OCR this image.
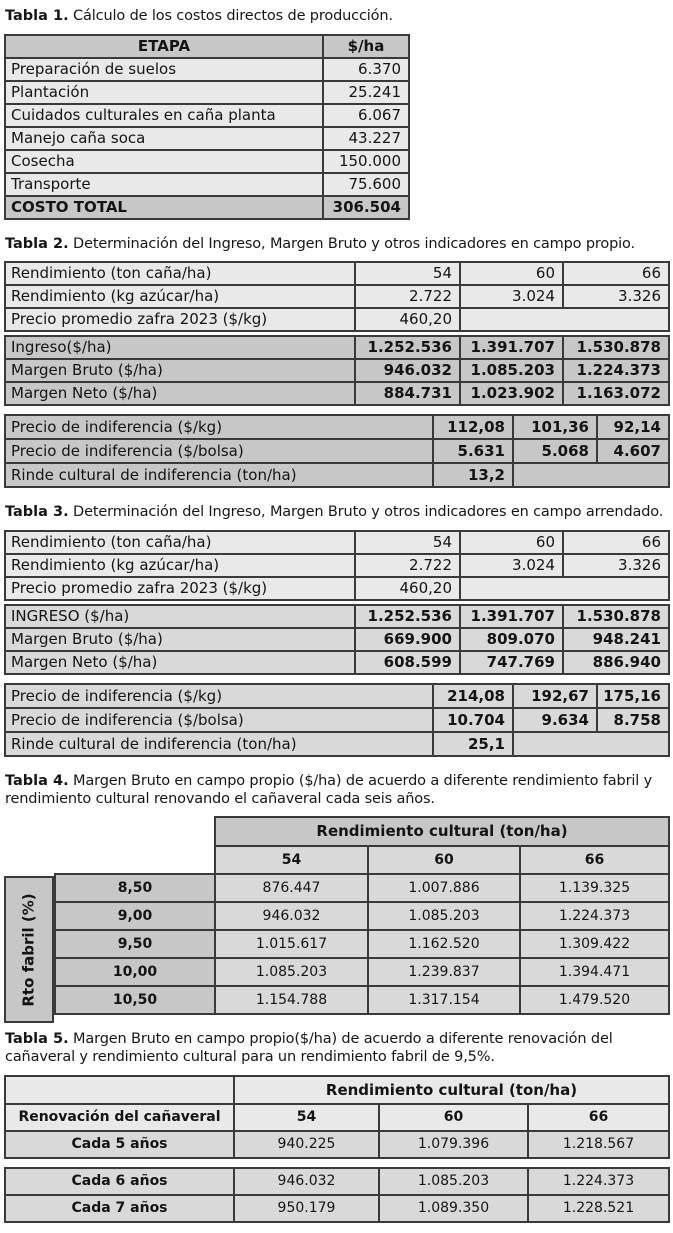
Tabla 1. Cálculo de los costos directos de producción.

ETAPA	$/ha
Preparación de suelos	6.370
Plantación	25.241
Cuidados culturales en caña planta	6.067
Manejo caña soca	43.227
Cosecha	150.000
Transporte	75.600
COSTO TOTAL	306.504

Tabla 2. Determinación del Ingreso, Margen Bruto y otros indicadores en campo propio.

Rendimiento (ton caña/ha)	54	60	66
Rendimiento (kg azúcar/ha)	2.722	3.024	3.326
Precio promedio zafra 2023 ($/kg)	460,20		
Ingreso($/ha)	1.252.536	1.391.707	1.530.878
Margen Bruto ($/ha)	946.032	1.085.203	1.224.373
Margen Neto ($/ha)	884.731	1.023.902	1.163.072
Precio de indiferencia ($/kg)	112,08	101,36	92,14
Precio de indiferencia ($/bolsa)	5.631	5.068	4.607
Rinde cultural de indiferencia (ton/ha)	13,2		

Tabla 3. Determinación del Ingreso, Margen Bruto y otros indicadores en campo arrendado.

Rendimiento (ton caña/ha)	54	60	66
Rendimiento (kg azúcar/ha)	2.722	3.024	3.326
Precio promedio zafra 2023 ($/kg)	460,20		
INGRESO ($/ha)	1.252.536	1.391.707	1.530.878
Margen Bruto ($/ha)	669.900	809.070	948.241
Margen Neto ($/ha)	608.599	747.769	886.940
Precio de indiferencia ($/kg)	214,08	192,67	175,16
Precio de indiferencia ($/bolsa)	10.704	9.634	8.758
Rinde cultural de indiferencia (ton/ha)	25,1		

Tabla 4. Margen Bruto en campo propio ($/ha) de acuerdo a diferente rendimiento fabril y rendimiento cultural renovando el cañaveral cada seis años.

Rto fabril (%)
	Rendimiento cultural (ton/ha)		
	54	60	66
8,50	876.447	1.007.886	1.139.325
9,00	946.032	1.085.203	1.224.373
9,50	1.015.617	1.162.520	1.309.422
10,00	1.085.203	1.239.837	1.394.471
10,50	1.154.788	1.317.154	1.479.520

Tabla 5. Margen Bruto en campo propio($/ha) de acuerdo a diferente renovación del cañaveral y rendimiento cultural para un rendimiento fabril de 9,5%.

	Rendimiento cultural (ton/ha)		
Renovación del cañaveral	54	60	66
Cada 5 años	940.225	1.079.396	1.218.567
Cada 6 años	946.032	1.085.203	1.224.373
Cada 7 años	950.179	1.089.350	1.228.521
